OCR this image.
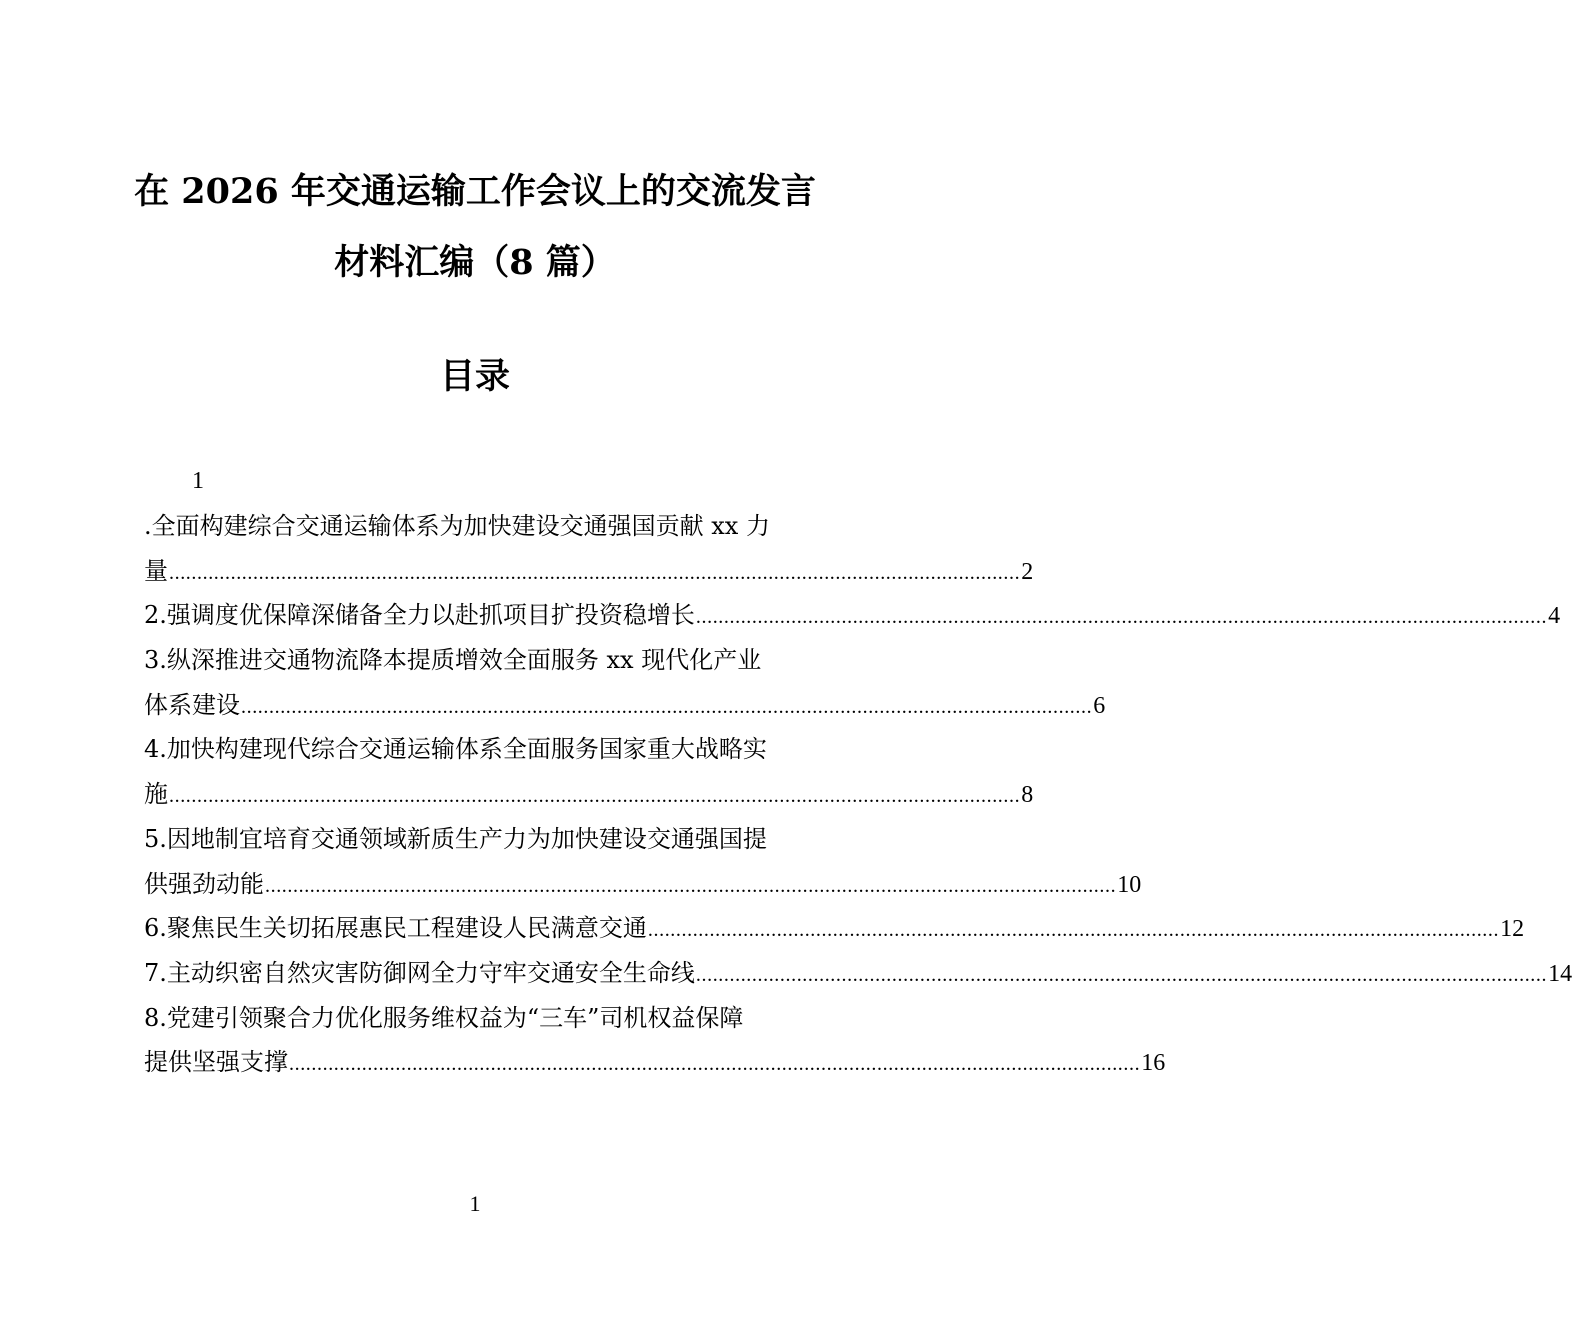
在 2026 年交通运输工作会议上的交流发言
材料汇编（8 篇）
目录
1
.全面构建综合交通运输体系为加快建设交通强国贡献 xx 力
量 ........................................................................................................................................................ 2
2.强调度优保障深储备全力以赴抓项目扩投资稳增长 ........................................................................................................................................................ 4
3.纵深推进交通物流降本提质增效全面服务 xx 现代化产业
体系建设 ........................................................................................................................................................ 6
4.加快构建现代综合交通运输体系全面服务国家重大战略实
施 ........................................................................................................................................................ 8
5.因地制宜培育交通领域新质生产力为加快建设交通强国提
供强劲动能 ........................................................................................................................................................ 10
6.聚焦民生关切拓展惠民工程建设人民满意交通 ........................................................................................................................................................ 12
7.主动织密自然灾害防御网全力守牢交通安全生命线 ........................................................................................................................................................ 14
8.党建引领聚合力优化服务维权益为“三车”司机权益保障
提供坚强支撑 ........................................................................................................................................................ 16
1
